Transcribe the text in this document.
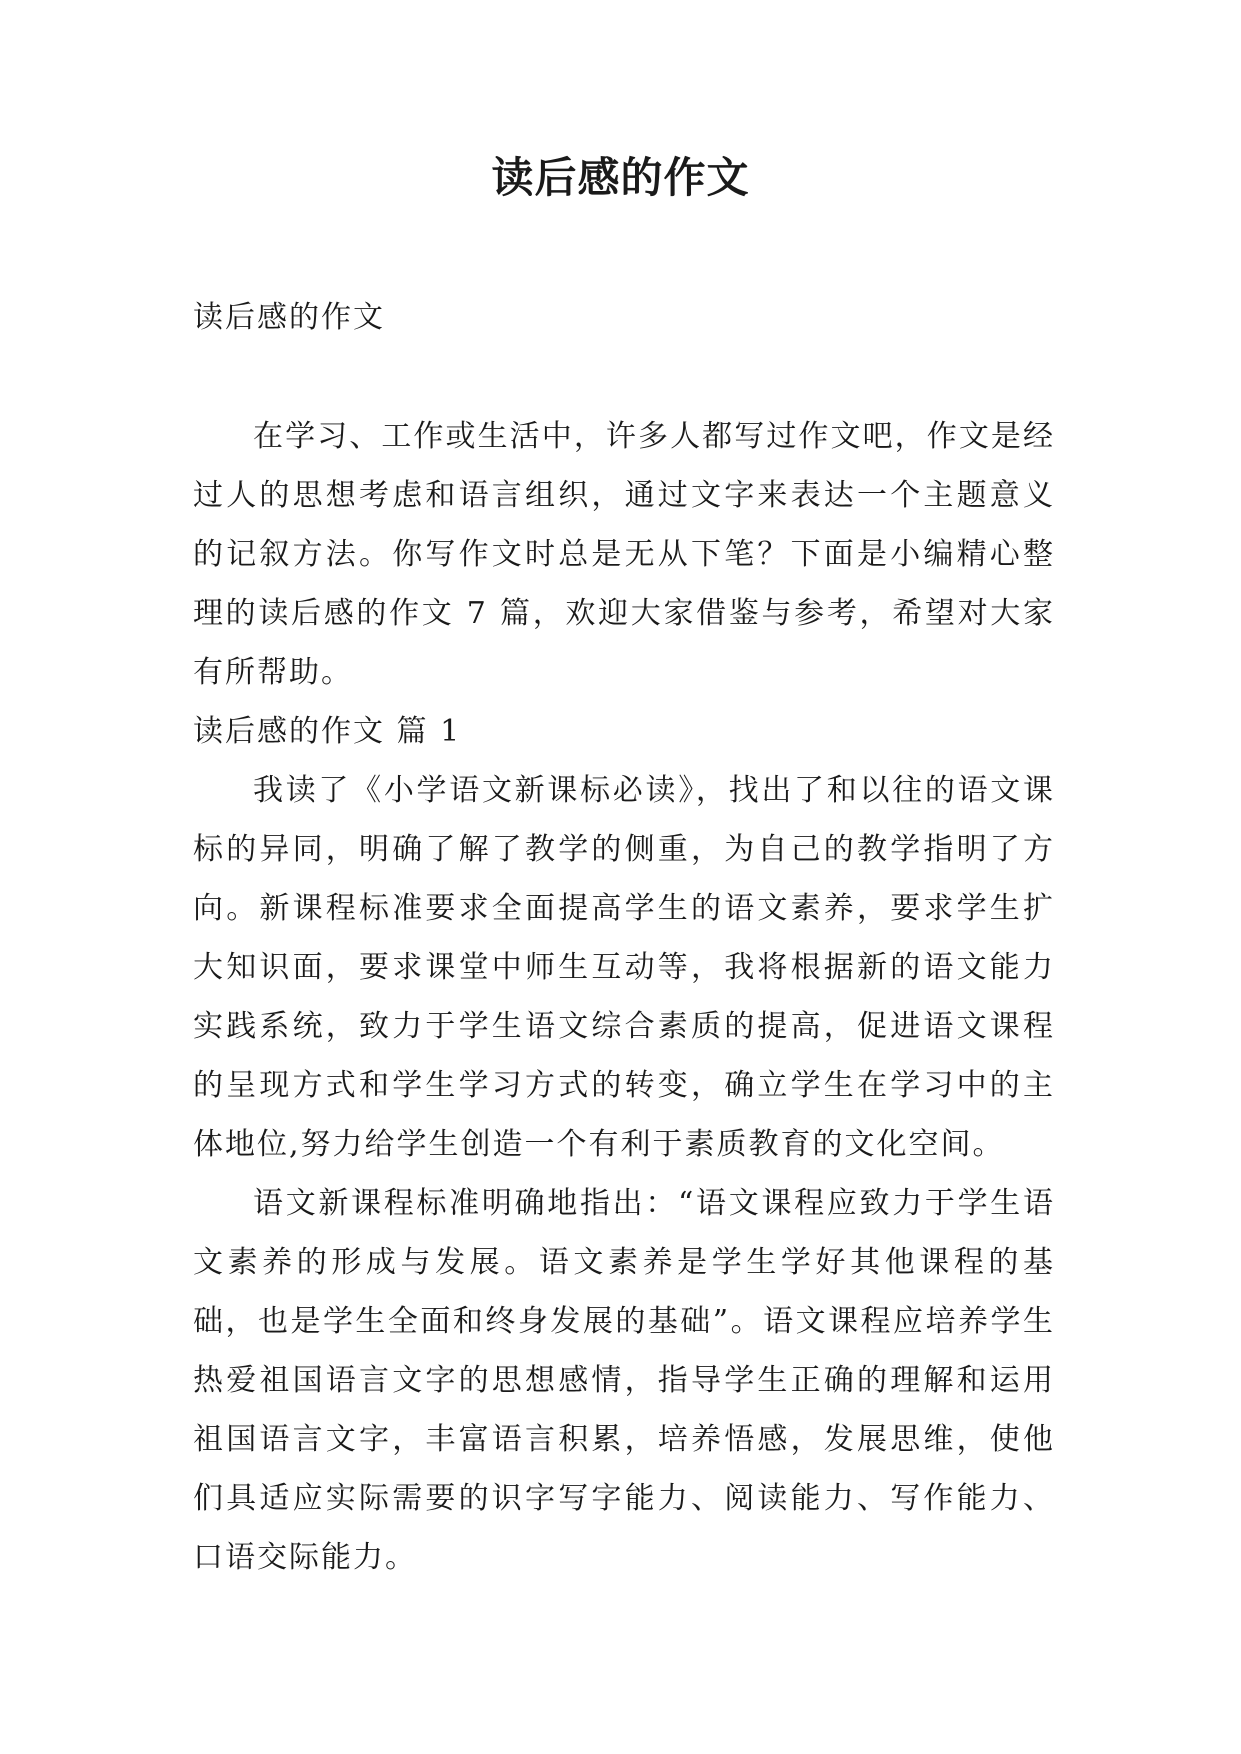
读后感的作文

读后感的作文

在学习、工作或生活中，许多人都写过作文吧，作文是经过人的思想考虑和语言组织，通过文字来表达一个主题意义的记叙方法。你写作文时总是无从下笔？下面是小编精心整理的读后感的作文 7 篇，欢迎大家借鉴与参考，希望对大家有所帮助。

读后感的作文 篇 1

我读了《小学语文新课标必读》，找出了和以往的语文课标的异同，明确了解了教学的侧重，为自己的教学指明了方向。新课程标准要求全面提高学生的语文素养，要求学生扩大知识面，要求课堂中师生互动等，我将根据新的语文能力实践系统，致力于学生语文综合素质的提高，促进语文课程的呈现方式和学生学习方式的转变，确立学生在学习中的主体地位,努力给学生创造一个有利于素质教育的文化空间。

语文新课程标准明确地指出：“语文课程应致力于学生语文素养的形成与发展。语文素养是学生学好其他课程的基础，也是学生全面和终身发展的基础”。语文课程应培养学生热爱祖国语言文字的思想感情，指导学生正确的理解和运用祖国语言文字，丰富语言积累，培养悟感，发展思维，使他们具适应实际需要的识字写字能力、阅读能力、写作能力、口语交际能力。
